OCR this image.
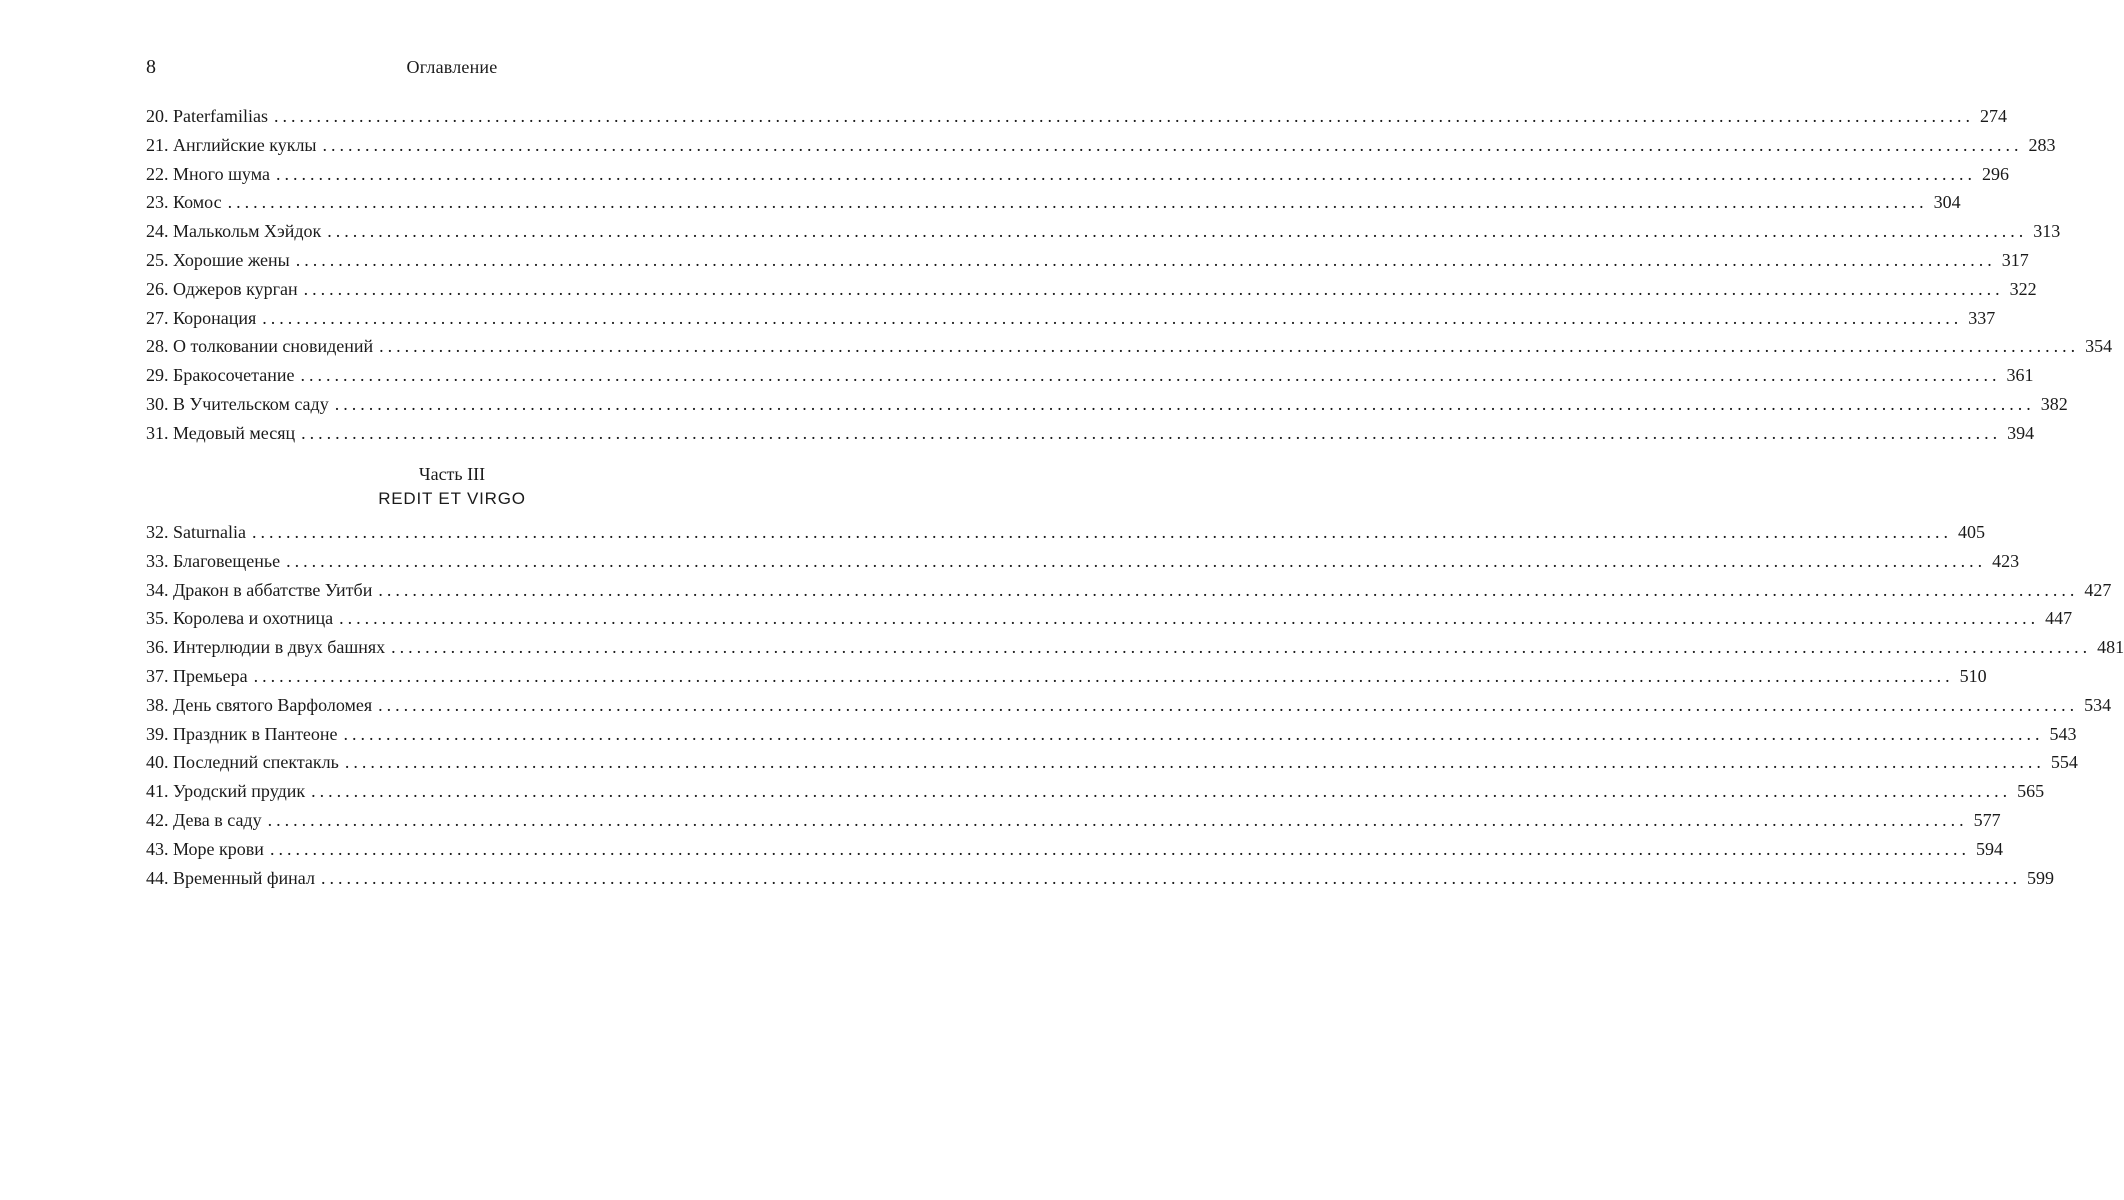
8	Оглавление
20.
Paterfamilias ........................................................................................................................................................................................................ 274
21.
Английские куклы ........................................................................................................................................................................................................ 283
22.
Много шума ........................................................................................................................................................................................................ 296
23.
Комос ........................................................................................................................................................................................................ 304
24.
Малькольм Хэйдок ........................................................................................................................................................................................................ 313
25.
Хорошие жены ........................................................................................................................................................................................................ 317
26.
Оджеров курган ........................................................................................................................................................................................................ 322
27.
Коронация ........................................................................................................................................................................................................ 337
28.
О толковании сновидений ........................................................................................................................................................................................................ 354
29.
Бракосочетание ........................................................................................................................................................................................................ 361
30.
В Учительском саду ........................................................................................................................................................................................................ 382
31.
Медовый месяц ........................................................................................................................................................................................................ 394
Часть III
REDIT ET VIRGO
32.
Saturnalia ........................................................................................................................................................................................................ 405
33.
Благовещенье ........................................................................................................................................................................................................ 423
34.
Дракон в аббатстве Уитби ........................................................................................................................................................................................................ 427
35.
Королева и охотница ........................................................................................................................................................................................................ 447
36.
Интерлюдии в двух башнях ........................................................................................................................................................................................................ 481
37.
Премьера ........................................................................................................................................................................................................ 510
38.
День святого Варфоломея ........................................................................................................................................................................................................ 534
39.
Праздник в Пантеоне ........................................................................................................................................................................................................ 543
40.
Последний спектакль ........................................................................................................................................................................................................ 554
41.
Уродский прудик ........................................................................................................................................................................................................ 565
42.
Дева в саду ........................................................................................................................................................................................................ 577
43.
Море крови ........................................................................................................................................................................................................ 594
44.
Временный финал ........................................................................................................................................................................................................ 599
